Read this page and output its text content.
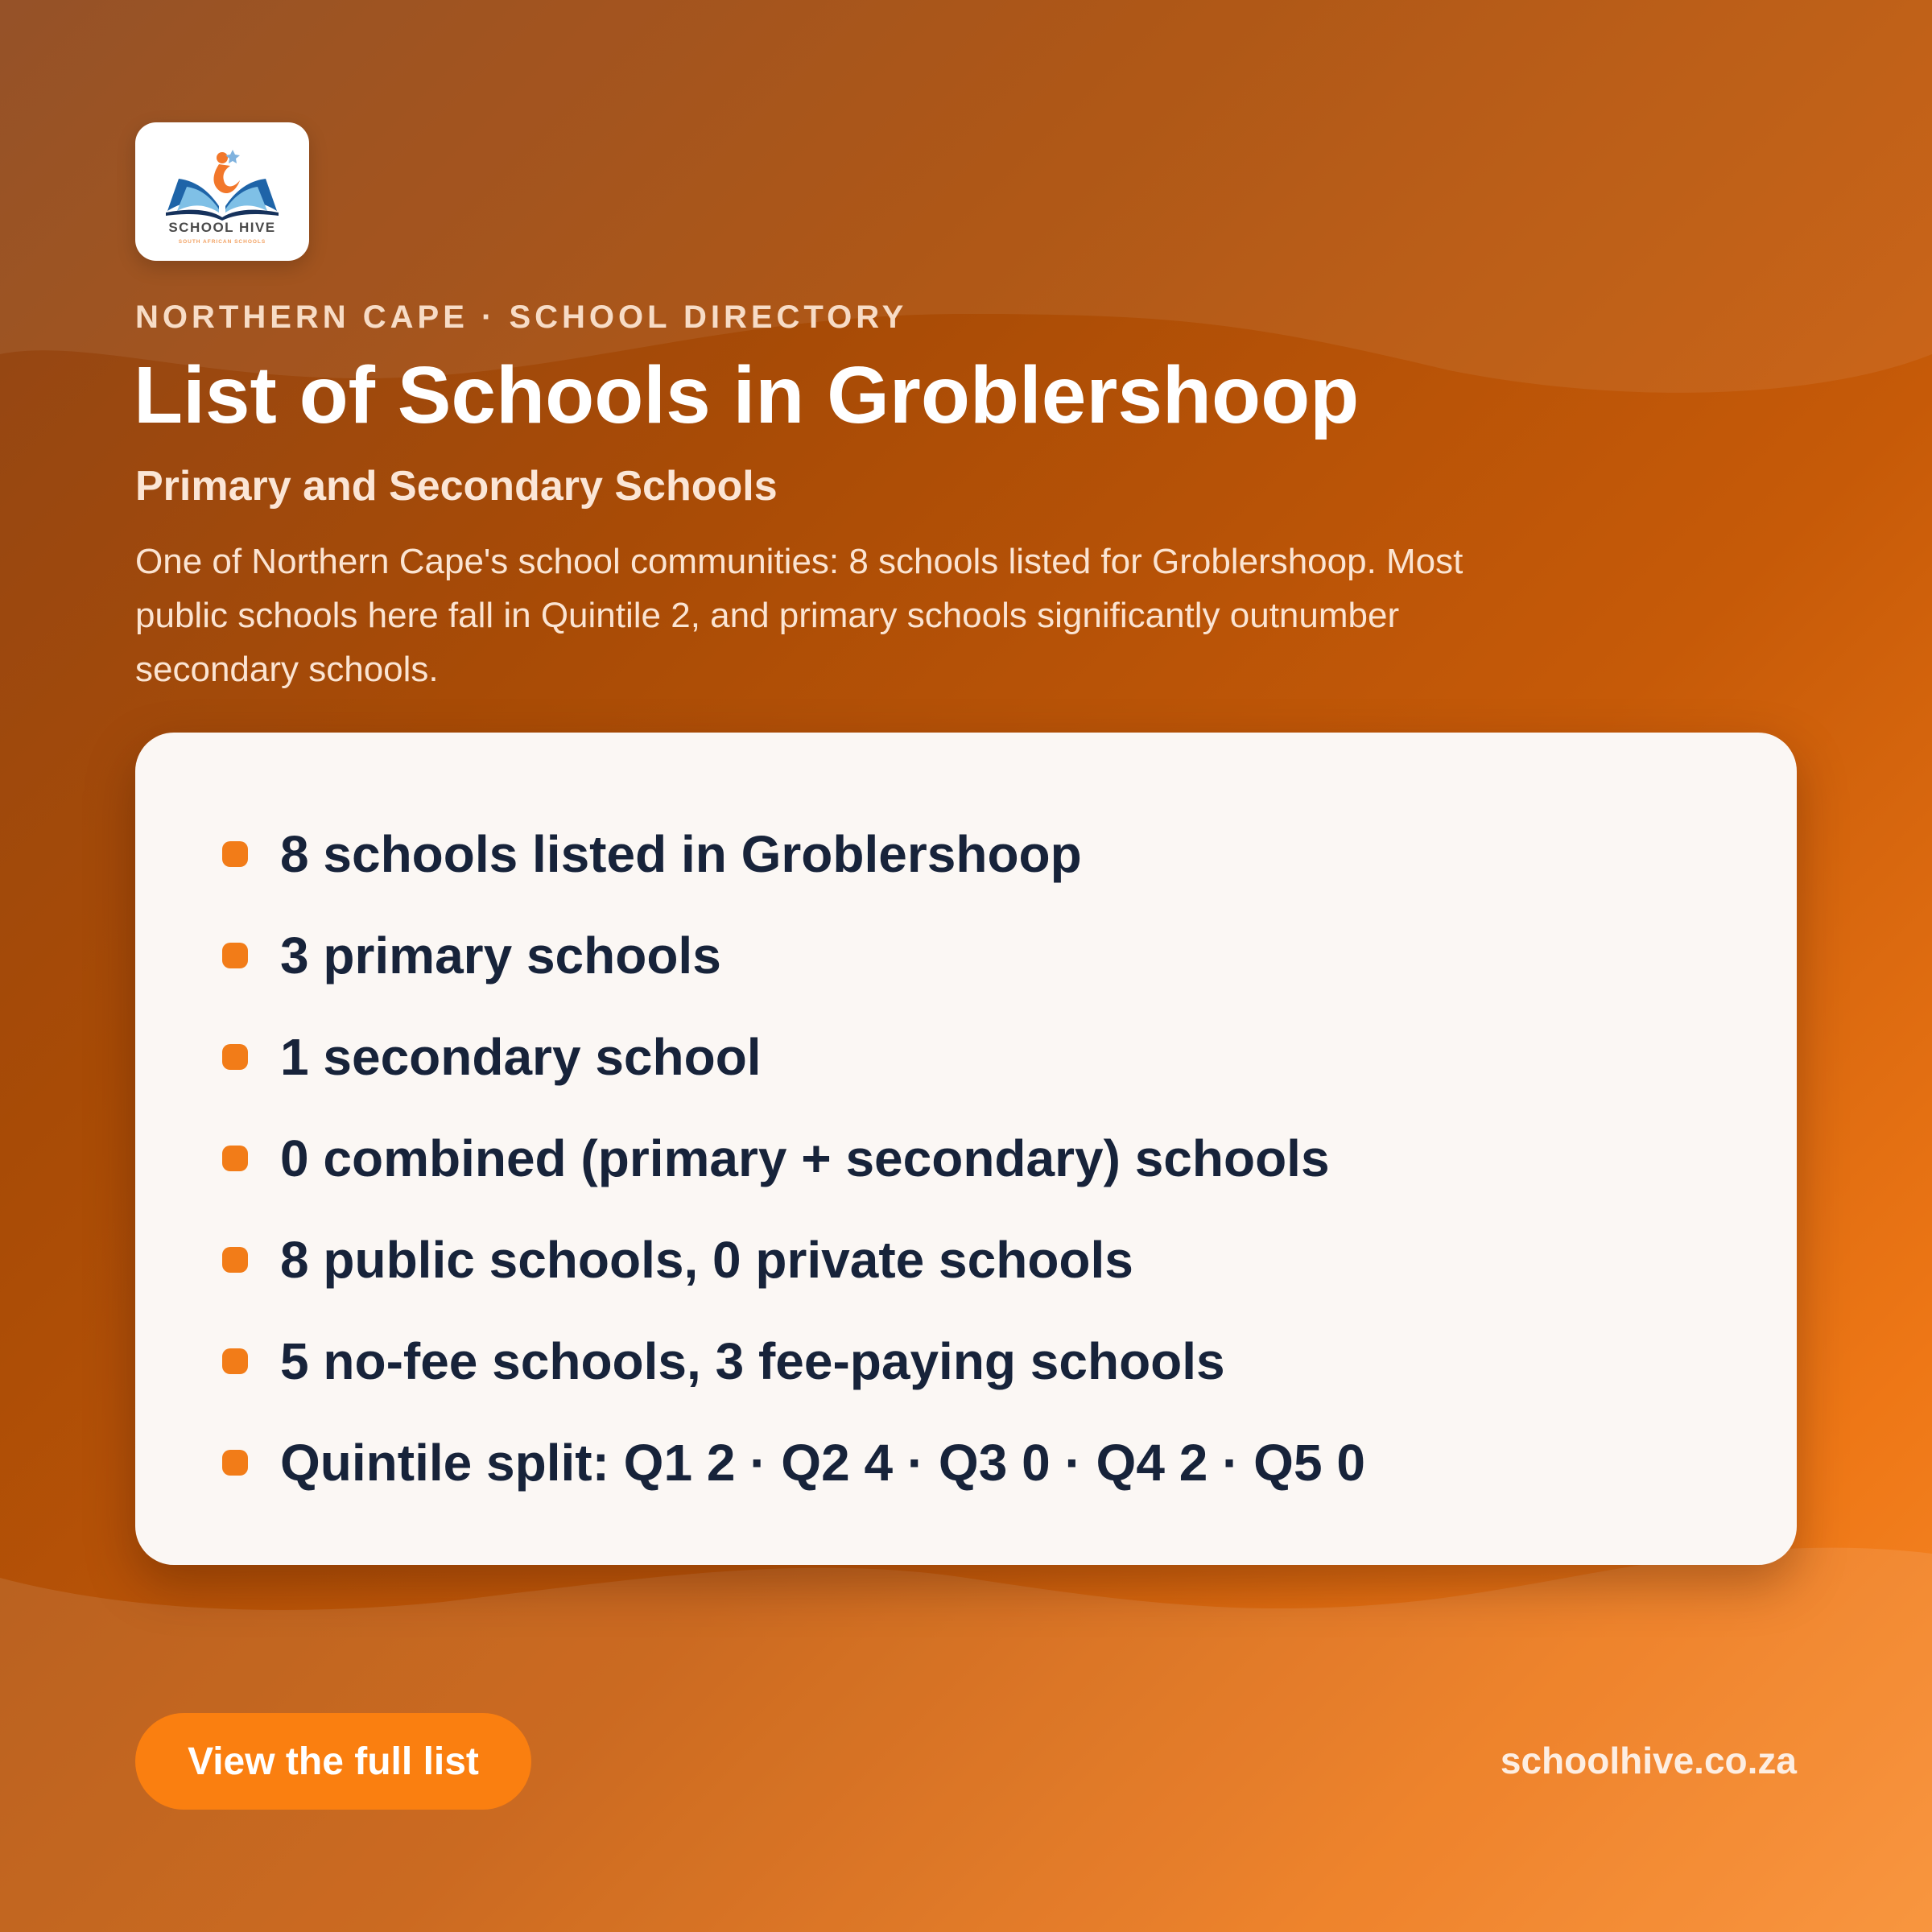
SCHOOL HIVE
SOUTH AFRICAN SCHOOLS
NORTHERN CAPE · SCHOOL DIRECTORY
List of Schools in Groblershoop
Primary and Secondary Schools

One of Northern Cape's school communities: 8 schools listed for Groblershoop. Most public schools here fall in Quintile 2, and primary schools significantly outnumber secondary schools.

8 schools listed in Groblershoop
3 primary schools
1 secondary school
0 combined (primary + secondary) schools
8 public schools, 0 private schools
5 no-fee schools, 3 fee-paying schools
Quintile split: Q1 2 · Q2 4 · Q3 0 · Q4 2 · Q5 0
View the full list	schoolhive.co.za
